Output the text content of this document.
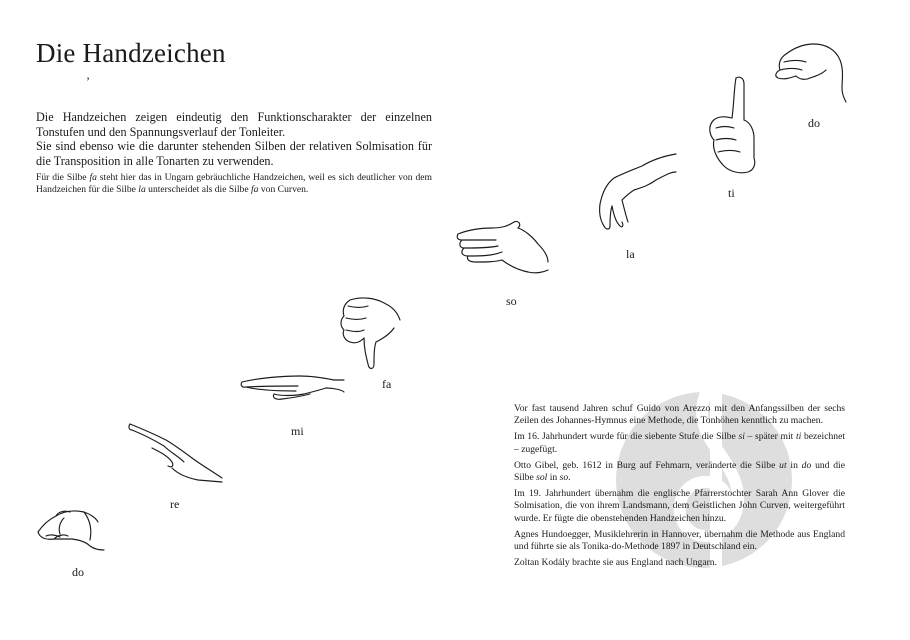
Die Handzeichen
’

Die Handzeichen zeigen eindeutig den Funktionscharakter der einzelnen Tonstufen und den Spannungsverlauf der Tonleiter.

Sie sind ebenso wie die darunter stehenden Silben der relativen Solmisation für die Transposition in alle Tonarten zu verwenden.

Für die Silbe fa steht hier das in Ungarn gebräuchliche Handzeichen, weil es sich deutlicher von dem Handzeichen für die Silbe la unterscheidet als die Silbe fa von Curven.

do
re
mi
fa
so
la
ti
do

Vor fast tausend Jahren schuf Guido von Arezzo mit den Anfangssilben der sechs Zeilen des Johannes-Hymnus eine Methode, die Tonhöhen kenntlich zu machen.

Im 16. Jahrhundert wurde für die siebente Stufe die Silbe si – später mit ti bezeichnet – zugefügt.

Otto Gibel, geb. 1612 in Burg auf Fehmarn, veränderte die Silbe ut in do und die Silbe sol in so.

Im 19. Jahrhundert übernahm die englische Pfarrerstochter Sarah Ann Glover die Solmisation, die von ihrem Landsmann, dem Geistlichen John Curven, weitergeführt wurde. Er fügte die obenstehenden Handzeichen hinzu.

Agnes Hundoegger, Musiklehrerin in Hannover, übernahm die Methode aus England und führte sie als Tonika-do-Methode 1897 in Deutschland ein.

Zoltan Kodály brachte sie aus England nach Ungarn.
